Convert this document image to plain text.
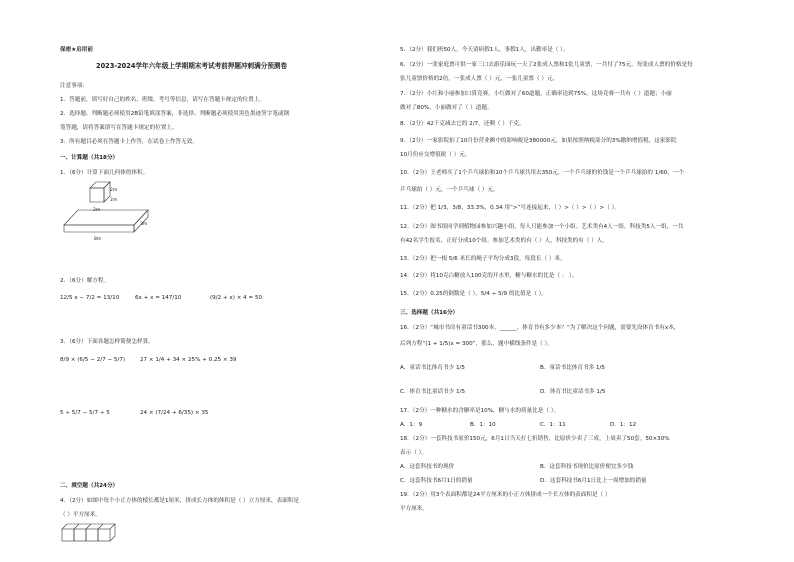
保密★启用前
2023-2024学年六年级上学期期末考试考前押题冲刺满分预测卷
注意事项：
1．答题前，填写好自己的姓名、班级、考号等信息，请写在答题卡规定的位置上。
2．选择题、判断题必须使用2B铅笔填涂答案，非选择、判断题必须使用黑色墨迹签字笔或钢
笔答题，请将答案填写在答题卡规定的位置上。
3．所有题目必须在答题卡上作答，在试卷上作答无效。
一、计算题（共18分）
1．（6分）计算下面几何体的体积。
2m
2m
2m
3m
8m
2．（6分）解方程。
12/5 x − 7/2 = 13/10	6x + x = 147/10	(9/2 + x) × 4 = 50
3．（6分）下面各题怎样简便怎样算。
8/9 × (6/5 − 2/7 − 5/7)	27 × 1/4 + 34 × 25% + 0.25 × 39
5 ÷ 5/7 − 5/7 ÷ 5	24 × (7/24 + 6/35) × 35
二、填空题（共24分）
4．（2分）如图中每个小正方体的棱长都是1厘米，拼成长方体的体积是（ ）立方厘米，表面积是
（ ）平方厘米。
5．（2分）我们班50人，今天请病假1人，事假1人，出勤率是（ ）。
6．（2分）一张家庭票可供一家三口去游乐园玩一天了2张成人票和1张儿童票，一共付了75元，每张成人票的价格是每
张儿童票价格的2倍，一张成人票（ ）元，一张儿童票（ ）元。
7．（2分）小红和小丽参加口算竞赛，小红做对了60道题，正确率达到75%，这场竞赛一共有（ ）道题；小丽
做对了80%，小丽做对了（ ）道题。
8．（2分）42千克减去它的 2/7，还剩（ ）千克。
9．（2分）一家影院拍了10月份营业额中的影响税是380000元，如果按照纳税部分的3%缴纳增值税，这家影院
10月份应交增值税（ ）元。
10．（2分）王老师买了1个乒乓球拍和10个乒乓球共用去350元，一个乒乓球的价钱是一个乒乓球拍的 1/60，一个
乒乓球拍（ ）元，一个乒乓球（ ）元。
11．（2分）把 1/3，3/8，33.3%，0.34 用“>”号连接起来，（ ）>（ ）>（ ）>（ ）。
12．（2分）图书组同学到植物园参加兴趣小组，每人只能参加一个小组。艺术类有4人一组，科技类5人一组，一共
有42名学生报名，正好分成10个组。参加艺术类的有（ ）人，科技类的有（ ）人。
13．（2分）把一根 5/6 米长的绳子平均分成3段，每段长（ ）米。
14．（2分）将10克白糖放入100克的开水里，糖与糖水的比是（ ： ）。
15．（2分）0.25的倒数是（ ），5/4 ÷ 5/9 的比值是（ ）。
三、选择题（共16分）
16．（2分）“城市书房有童话书300本，______，体育书有多少本？”为了解决这个问题，需要先设体育书有x本，
后列方程“(1 + 1/5)x = 300”，那么，题中横线条件是（ ）。
A．童话书比体育书少 1/5	B．童话书比体育书多 1/5
C．体育书比童话书少 1/5	D．体育书比童话书多 1/5
17．（2分）一种糖水的含糖率是10%，糖与水的质量比是（ ）。
A．1：9	B．1：10	C．1：11	D．1：12
18．（2分）一套科技书原价150元，6月1日当天打七折销售，比原价少卖了三成，上周卖了50套。50×30%
表示（ ）。
A．这套科技书的现价	B．这套科技书现价比原价便宜多少钱
C．这套科技书6月1日的销量	D．这套科技书6月1日比上一周增加的销量
19．（2分）用3个表面积都是24平方厘米的小正方体拼成一个长方体的表面积是（ ）
平方厘米。
